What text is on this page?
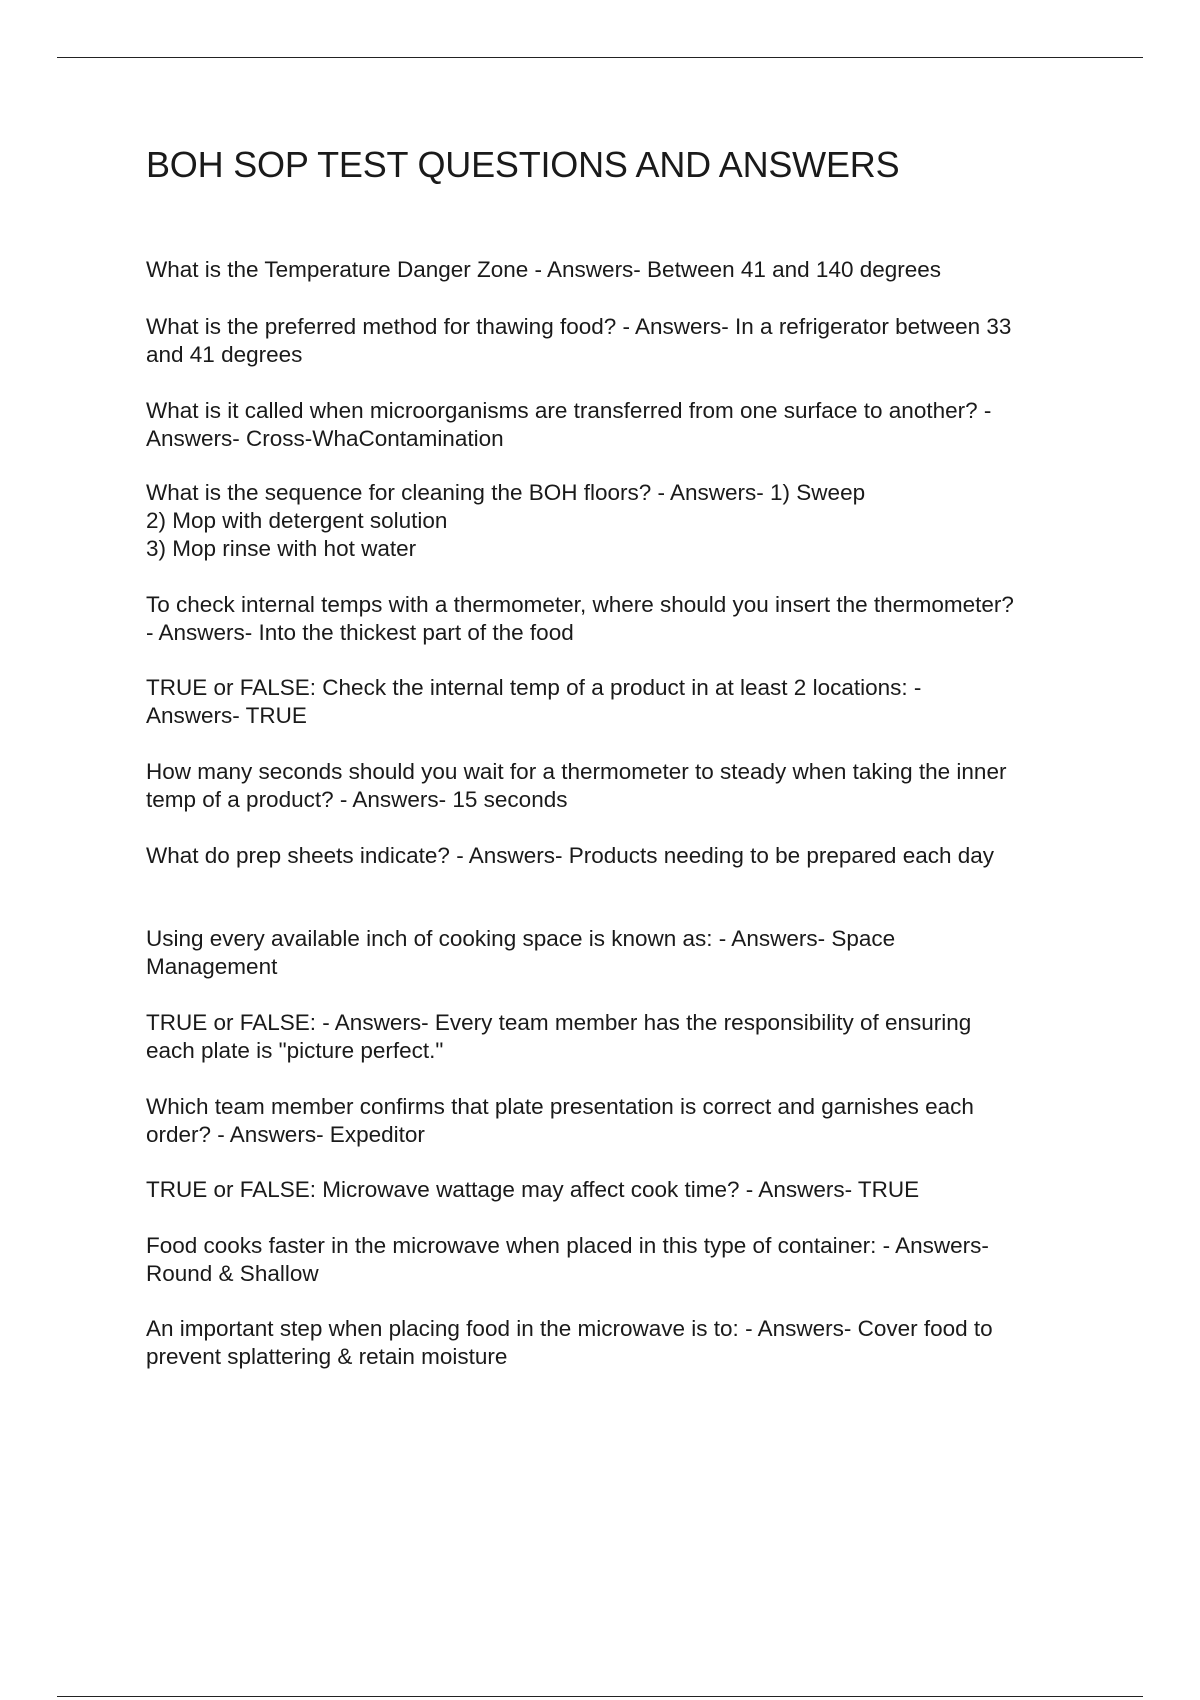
BOH SOP TEST QUESTIONS AND ANSWERS

What is the Temperature Danger Zone - Answers- Between 41 and 140 degrees

What is the preferred method for thawing food? - Answers- In a refrigerator between 33
and 41 degrees

What is it called when microorganisms are transferred from one surface to another? -
Answers- Cross-WhaContamination

What is the sequence for cleaning the BOH floors? - Answers- 1) Sweep
2) Mop with detergent solution
3) Mop rinse with hot water

To check internal temps with a thermometer, where should you insert the thermometer?
- Answers- Into the thickest part of the food

TRUE or FALSE: Check the internal temp of a product in at least 2 locations: -
Answers- TRUE

How many seconds should you wait for a thermometer to steady when taking the inner
temp of a product? - Answers- 15 seconds

What do prep sheets indicate? - Answers- Products needing to be prepared each day

Using every available inch of cooking space is known as: - Answers- Space
Management

TRUE or FALSE: - Answers- Every team member has the responsibility of ensuring
each plate is "picture perfect."

Which team member confirms that plate presentation is correct and garnishes each
order? - Answers- Expeditor

TRUE or FALSE: Microwave wattage may affect cook time? - Answers- TRUE

Food cooks faster in the microwave when placed in this type of container: - Answers-
Round & Shallow

An important step when placing food in the microwave is to: - Answers- Cover food to
prevent splattering & retain moisture
